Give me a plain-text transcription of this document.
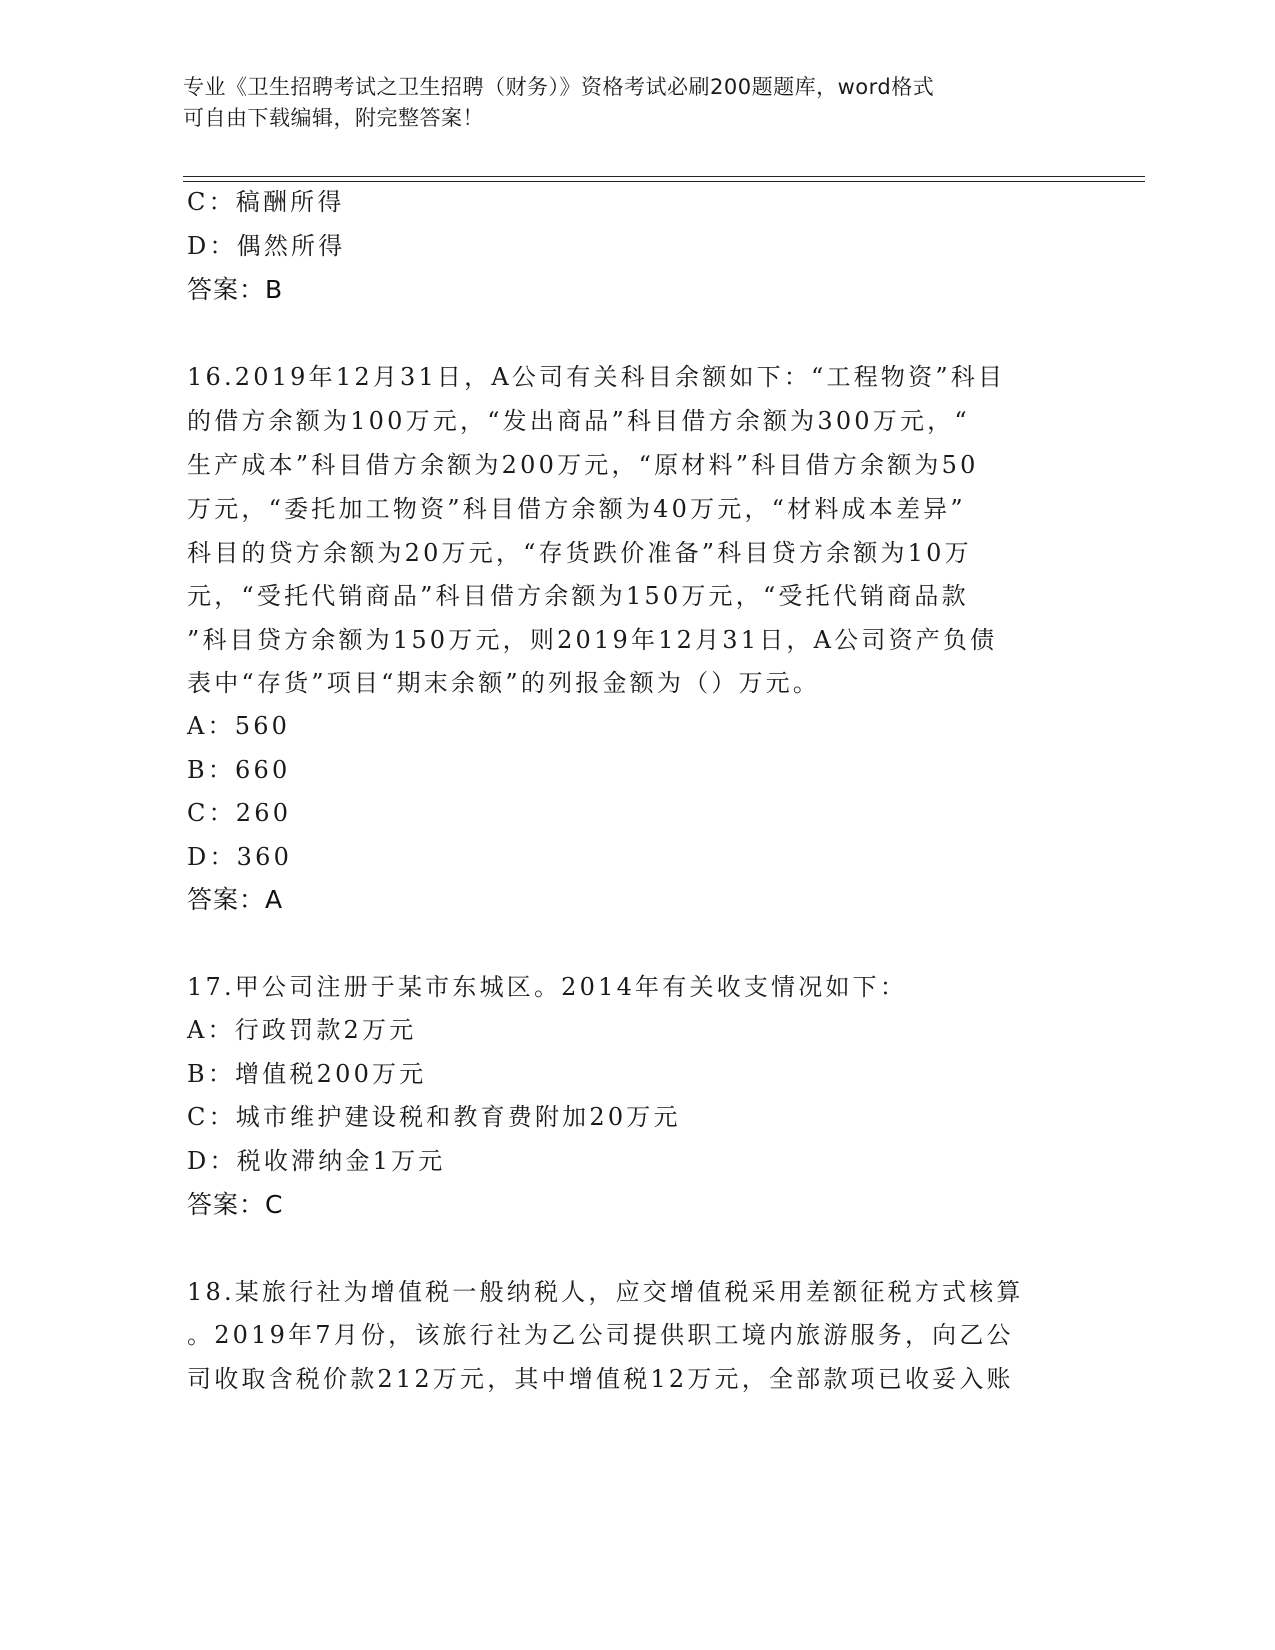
专业《卫生招聘考试之卫生招聘（财务）》资格考试必刷200题题库，word格式
可自由下载编辑，附完整答案！
C：稿酬所得
D：偶然所得
答案：B
16.2019年12月31日，A公司有关科目余额如下：“工程物资”科目
的借方余额为100万元，“发出商品”科目借方余额为300万元，“
生产成本”科目借方余额为200万元，“原材料”科目借方余额为50
万元，“委托加工物资”科目借方余额为40万元，“材料成本差异”
科目的贷方余额为20万元，“存货跌价准备”科目贷方余额为10万
元，“受托代销商品”科目借方余额为150万元，“受托代销商品款
”科目贷方余额为150万元，则2019年12月31日，A公司资产负债
表中“存货”项目“期末余额”的列报金额为（）万元。
A：560
B：660
C：260
D：360
答案：A
17.甲公司注册于某市东城区。2014年有关收支情况如下：
A：行政罚款2万元
B：增值税200万元
C：城市维护建设税和教育费附加20万元
D：税收滞纳金1万元
答案：C
18.某旅行社为增值税一般纳税人，应交增值税采用差额征税方式核算
。2019年7月份，该旅行社为乙公司提供职工境内旅游服务，向乙公
司收取含税价款212万元，其中增值税12万元，全部款项已收妥入账
